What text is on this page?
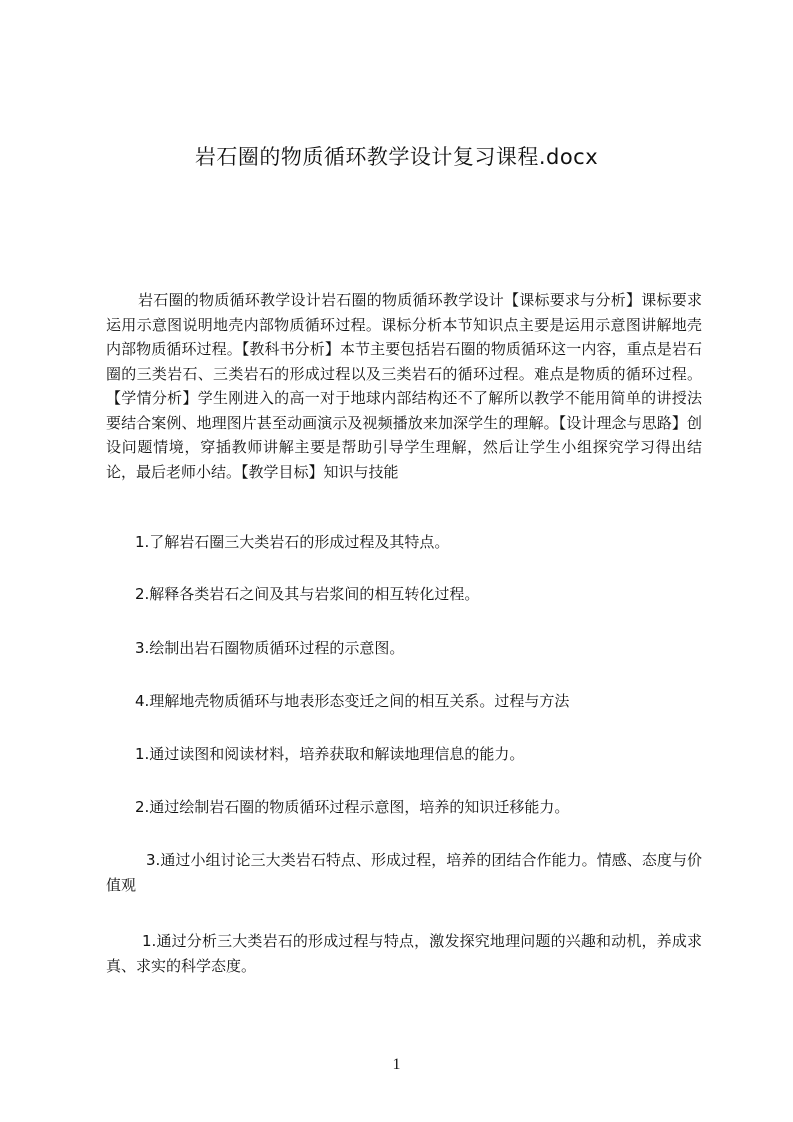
岩石圈的物质循环教学设计复习课程.docx

岩石圈的物质循环教学设计岩石圈的物质循环教学设计【课标要求与分析】课标要求运用示意图说明地壳内部物质循环过程。课标分析本节知识点主要是运用示意图讲解地壳内部物质循环过程。【教科书分析】本节主要包括岩石圈的物质循环这一内容，重点是岩石圈的三类岩石、三类岩石的形成过程以及三类岩石的循环过程。难点是物质的循环过程。【学情分析】学生刚进入的高一对于地球内部结构还不了解所以教学不能用简单的讲授法要结合案例、地理图片甚至动画演示及视频播放来加深学生的理解。【设计理念与思路】创设问题情境，穿插教师讲解主要是帮助引导学生理解，然后让学生小组探究学习得出结论，最后老师小结。【教学目标】知识与技能

1.了解岩石圈三大类岩石的形成过程及其特点。

2.解释各类岩石之间及其与岩浆间的相互转化过程。

3.绘制出岩石圈物质循环过程的示意图。

4.理解地壳物质循环与地表形态变迁之间的相互关系。过程与方法

1.通过读图和阅读材料，培养获取和解读地理信息的能力。

2.通过绘制岩石圈的物质循环过程示意图，培养的知识迁移能力。

3.通过小组讨论三大类岩石特点、形成过程，培养的团结合作能力。情感、态度与价值观

1.通过分析三大类岩石的形成过程与特点，激发探究地理问题的兴趣和动机，养成求真、求实的科学态度。

1
